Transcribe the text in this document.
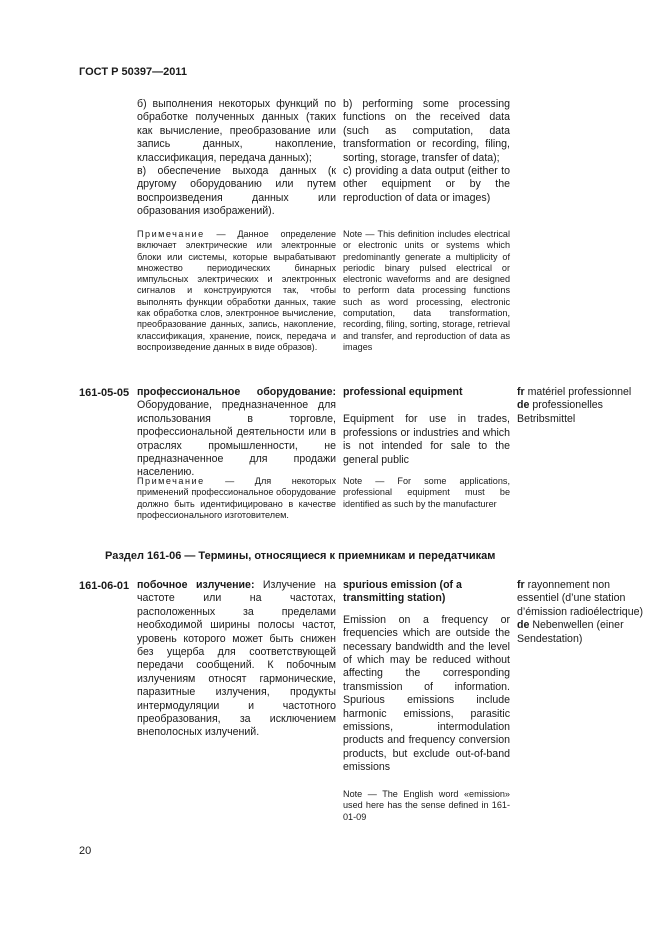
ГОСТ Р 50397—2011
б) выполнения некоторых функций по обработке полученных данных (таких как вычисление, преобразование или запись данных, накопление, классификация, передача данных);
в) обеспечение выхода данных (к другому оборудованию или путем воспроизведения данных или образования изображений).
b) performing some processing functions on the received data (such as computation, data transformation or recording, filing, sorting, storage, transfer of data);
c) providing a data output (either to other equipment or by the reproduction of data or images)
Примечание — Данное определение включает электрические или электронные блоки или системы, которые вырабатывают множество периодических бинарных импульсных электрических и электронных сигналов и конструируются так, чтобы выполнять функции обработки данных, такие как обработка слов, электронное вычисление, преобразование данных, запись, накопление, классификация, хранение, поиск, передача и воспроизведение данных в виде образов).
Note — This definition includes electrical or electronic units or systems which predominantly generate a multiplicity of periodic binary pulsed electrical or electronic waveforms and are designed to perform data processing functions such as word processing, electronic computation, data transformation, recording, filing, sorting, storage, retrieval and transfer, and reproduction of data as images
161-05-05 профессиональное оборудование: Оборудование, предназначенное для использования в торговле, профессиональной деятельности или в отраслях промышленности, не предназначенное для продажи населению.
professional equipment
Equipment for use in trades, professions or industries and which is not intended for sale to the general public
fr matériel professionnel
de professionelles Betribsmittel
Примечание — Для некоторых применений профессиональное оборудование должно быть идентифицировано в качестве профессионального изготовителем.
Note — For some applications, professional equipment must be identified as such by the manufacturer
Раздел 161-06 — Термины, относящиеся к приемникам и передатчикам
161-06-01 побочное излучение: Излучение на частоте или на частотах, расположенных за пределами необходимой ширины полосы частот, уровень которого может быть снижен без ущерба для соответствующей передачи сообщений. К побочным излучениям относят гармонические, паразитные излучения, продукты интермодуляции и частотного преобразования, за исключением внеполосных излучений.
spurious emission (of a transmitting station)
Emission on a frequency or frequencies which are outside the necessary bandwidth and the level of which may be reduced without affecting the corresponding transmission of information. Spurious emissions include harmonic emissions, parasitic emissions, intermodulation products and frequency conversion products, but exclude out-of-band emissions
fr rayonnement non essentiel (d’une station d’émission radioélectrique)
de Nebenwellen (einer Sendestation)
Note — The English word «emission» used here has the sense defined in 161-01-09
20
